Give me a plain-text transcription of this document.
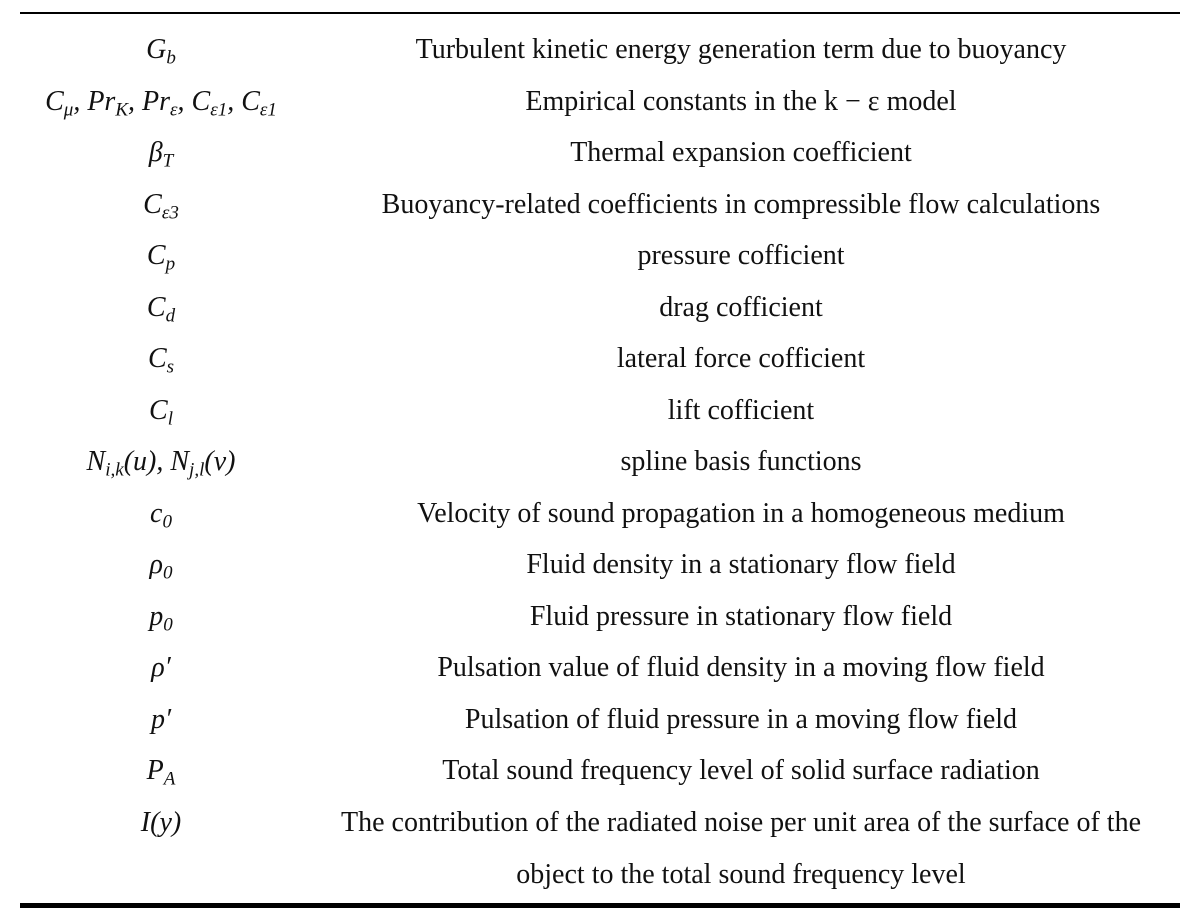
$G_b$	Turbulent kinetic energy generation term due to buoyancy
$C_\mu$, $Pr_K$, $Pr_\varepsilon$, $C_{\varepsilon 1}$, $C_{\varepsilon 1}$	Empirical constants in the k − ε model
$\beta_T$	Thermal expansion coefficient
$C_{\varepsilon 3}$	Buoyancy-related coefficients in compressible flow calculations
$C_p$	pressure cofficient
$C_d$	drag cofficient
$C_s$	lateral force cofficient
$C_l$	lift cofficient
$N_{i,k}(u)$, $N_{j,l}(v)$	spline basis functions
$c_0$	Velocity of sound propagation in a homogeneous medium
$\rho_0$	Fluid density in a stationary flow field
$p_0$	Fluid pressure in stationary flow field
ρ′	Pulsation value of fluid density in a moving flow field
p′	Pulsation of fluid pressure in a moving flow field
$P_A$	Total sound frequency level of solid surface radiation
I(y)	The contribution of the radiated noise per unit area of the surface of the object to the total sound frequency level
